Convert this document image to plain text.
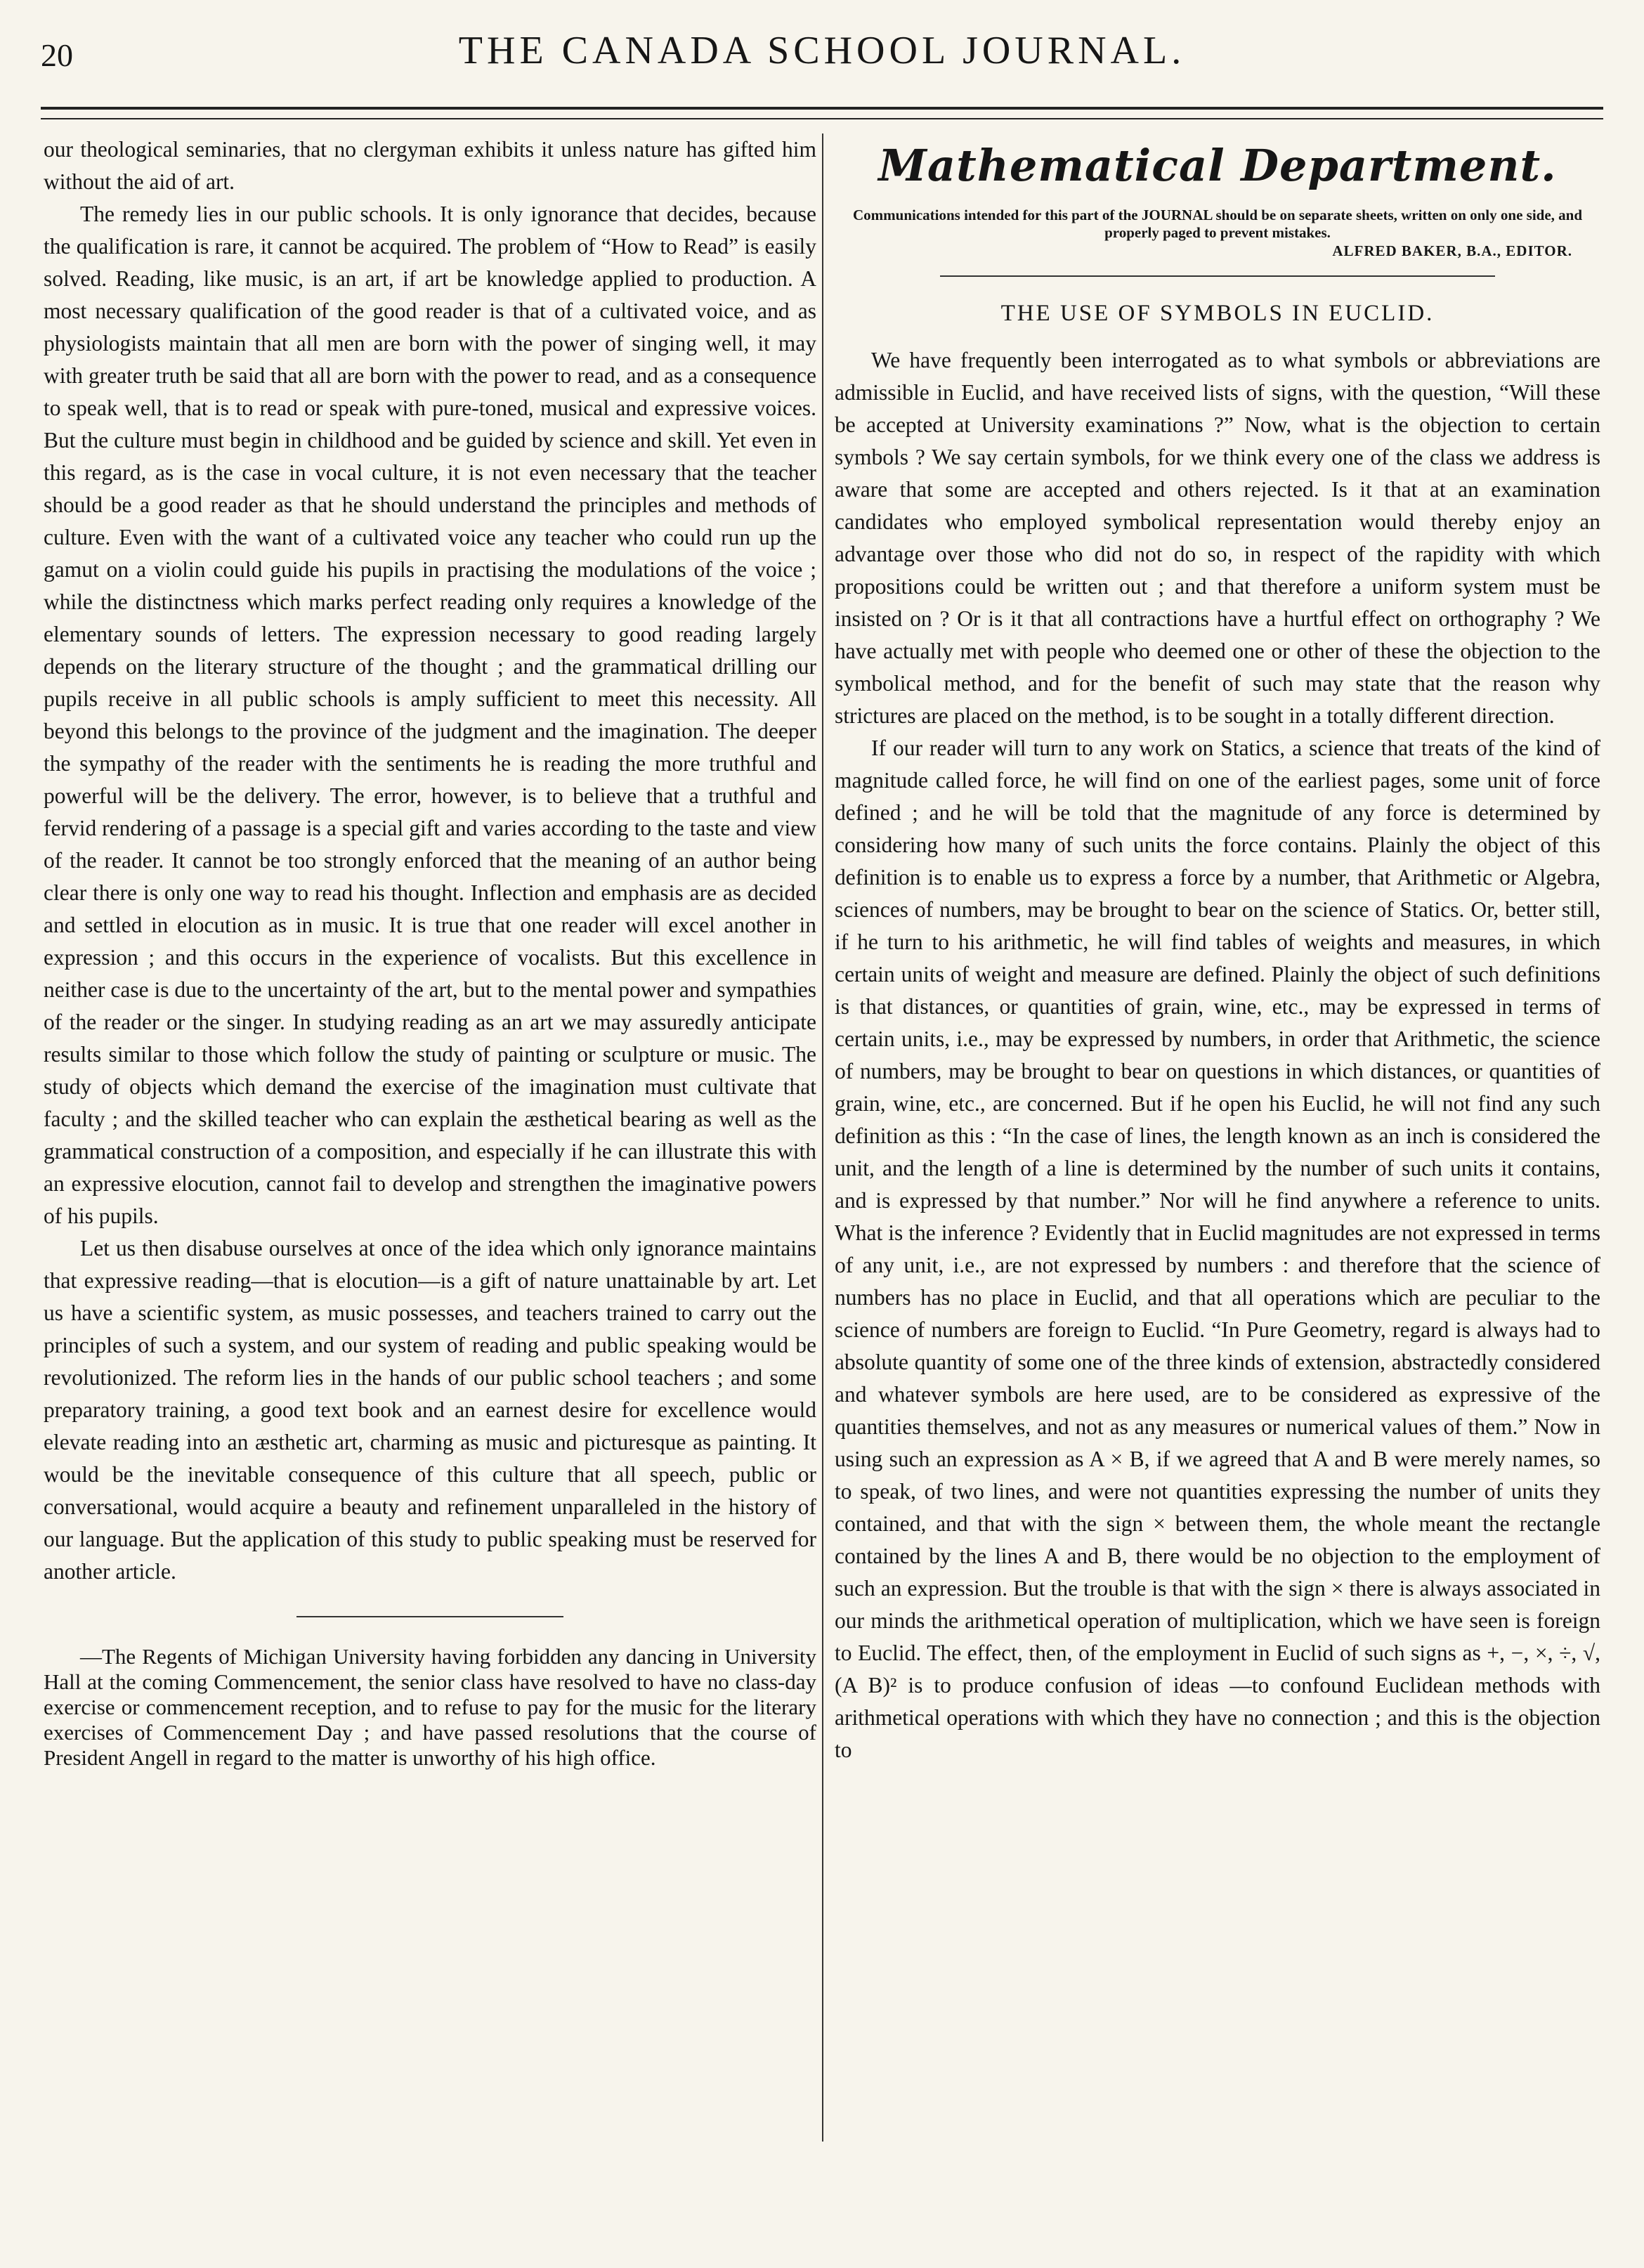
20	THE CANADA SCHOOL JOURNAL.

our theological seminaries, that no clergyman exhibits it unless nature has gifted him without the aid of art.

The remedy lies in our public schools. It is only ignorance that decides, because the qualification is rare, it cannot be acquired. The problem of “How to Read” is easily solved. Reading, like music, is an art, if art be knowledge applied to production. A most necessary qualification of the good reader is that of a cultivated voice, and as physiologists maintain that all men are born with the power of singing well, it may with greater truth be said that all are born with the power to read, and as a consequence to speak well, that is to read or speak with pure-toned, musical and expressive voices. But the culture must begin in childhood and be guided by science and skill. Yet even in this regard, as is the case in vocal culture, it is not even necessary that the teacher should be a good reader as that he should understand the principles and methods of culture. Even with the want of a cultivated voice any teacher who could run up the gamut on a violin could guide his pupils in practising the modulations of the voice ; while the distinctness which marks perfect reading only requires a knowledge of the elementary sounds of letters. The expression necessary to good reading largely depends on the literary structure of the thought ; and the grammatical drilling our pupils receive in all public schools is amply sufficient to meet this necessity. All beyond this belongs to the province of the judgment and the imagination. The deeper the sympathy of the reader with the sentiments he is reading the more truthful and powerful will be the delivery. The error, however, is to believe that a truthful and fervid rendering of a passage is a special gift and varies according to the taste and view of the reader. It cannot be too strongly enforced that the meaning of an author being clear there is only one way to read his thought. Inflection and emphasis are as decided and settled in elocution as in music. It is true that one reader will excel another in expression ; and this occurs in the experience of vocalists. But this excellence in neither case is due to the uncertainty of the art, but to the mental power and sympathies of the reader or the singer. In studying reading as an art we may assuredly anticipate results similar to those which follow the study of painting or sculpture or music. The study of objects which demand the exercise of the imagination must cultivate that faculty ; and the skilled teacher who can explain the æsthetical bearing as well as the grammatical construction of a composition, and especially if he can illustrate this with an expressive elocution, cannot fail to develop and strengthen the imaginative powers of his pupils.

Let us then disabuse ourselves at once of the idea which only ignorance maintains that expressive reading—that is elocution—is a gift of nature unattainable by art. Let us have a scientific system, as music possesses, and teachers trained to carry out the principles of such a system, and our system of reading and public speaking would be revolutionized. The reform lies in the hands of our public school teachers ; and some preparatory training, a good text book and an earnest desire for excellence would elevate reading into an æsthetic art, charming as music and picturesque as painting. It would be the inevitable consequence of this culture that all speech, public or conversational, would acquire a beauty and refinement unparalleled in the history of our language. But the application of this study to public speaking must be reserved for another article.

—The Regents of Michigan University having forbidden any dancing in University Hall at the coming Commencement, the senior class have resolved to have no class-day exercise or commencement reception, and to refuse to pay for the music for the literary exercises of Commencement Day ; and have passed resolutions that the course of President Angell in regard to the matter is unworthy of his high office.

Mathematical Department.
Communications intended for this part of the JOURNAL should be on separate sheets, written on only one side, and properly paged to prevent mistakes.
ALFRED BAKER, B.A., EDITOR.
THE USE OF SYMBOLS IN EUCLID.

We have frequently been interrogated as to what symbols or abbreviations are admissible in Euclid, and have received lists of signs, with the question, “Will these be accepted at University examinations ?” Now, what is the objection to certain symbols ? We say certain symbols, for we think every one of the class we address is aware that some are accepted and others rejected. Is it that at an examination candidates who employed symbolical representation would thereby enjoy an advantage over those who did not do so, in respect of the rapidity with which propositions could be written out ; and that therefore a uniform system must be insisted on ? Or is it that all contractions have a hurtful effect on orthography ? We have actually met with people who deemed one or other of these the objection to the symbolical method, and for the benefit of such may state that the reason why strictures are placed on the method, is to be sought in a totally different direction.

If our reader will turn to any work on Statics, a science that treats of the kind of magnitude called force, he will find on one of the earliest pages, some unit of force defined ; and he will be told that the magnitude of any force is determined by considering how many of such units the force contains. Plainly the object of this definition is to enable us to express a force by a number, that Arithmetic or Algebra, sciences of numbers, may be brought to bear on the science of Statics. Or, better still, if he turn to his arithmetic, he will find tables of weights and measures, in which certain units of weight and measure are defined. Plainly the object of such definitions is that distances, or quantities of grain, wine, etc., may be expressed in terms of certain units, i.e., may be expressed by numbers, in order that Arithmetic, the science of numbers, may be brought to bear on questions in which distances, or quantities of grain, wine, etc., are concerned. But if he open his Euclid, he will not find any such definition as this : “In the case of lines, the length known as an inch is considered the unit, and the length of a line is determined by the number of such units it contains, and is expressed by that number.” Nor will he find anywhere a reference to units. What is the inference ? Evidently that in Euclid magnitudes are not expressed in terms of any unit, i.e., are not expressed by numbers : and therefore that the science of numbers has no place in Euclid, and that all operations which are peculiar to the science of numbers are foreign to Euclid. “In Pure Geometry, regard is always had to absolute quantity of some one of the three kinds of extension, abstractedly considered and whatever symbols are here used, are to be considered as expressive of the quantities themselves, and not as any measures or numerical values of them.” Now in using such an expression as A × B, if we agreed that A and B were merely names, so to speak, of two lines, and were not quantities expressing the number of units they contained, and that with the sign × between them, the whole meant the rectangle contained by the lines A and B, there would be no objection to the employment of such an expression. But the trouble is that with the sign × there is always associated in our minds the arithmetical operation of multiplication, which we have seen is foreign to Euclid. The effect, then, of the employment in Euclid of such signs as +, −, ×, ÷, √, (A B)² is to produce confusion of ideas —to confound Euclidean methods with arithmetical operations with which they have no connection ; and this is the objection to
